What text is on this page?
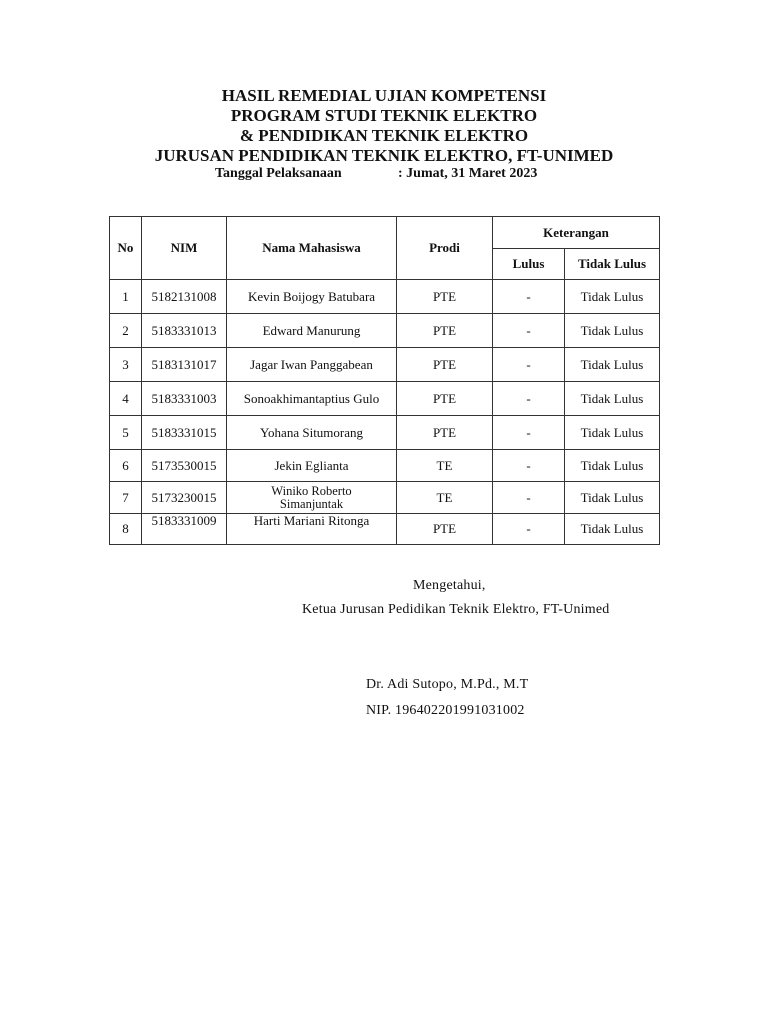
HASIL REMEDIAL UJIAN KOMPETENSI

PROGRAM STUDI TEKNIK ELEKTRO

& PENDIDIKAN TEKNIK ELEKTRO

JURUSAN PENDIDIKAN TEKNIK ELEKTRO, FT-UNIMED

Tanggal Pelaksanaan	: Jumat, 31 Maret 2023
No	NIM	Nama Mahasiswa	Prodi	Keterangan	
				Lulus	Tidak Lulus
1	5182131008	Kevin Boijogy Batubara	PTE	-	Tidak Lulus
2	5183331013	Edward Manurung	PTE	-	Tidak Lulus
3	5183131017	Jagar Iwan Panggabean	PTE	-	Tidak Lulus
4	5183331003	Sonoakhimantaptius Gulo	PTE	-	Tidak Lulus
5	5183331015	Yohana Situmorang	PTE	-	Tidak Lulus
6	5173530015	Jekin Eglianta	TE	-	Tidak Lulus
7	5173230015	Winiko Roberto
Simanjuntak	TE	-	Tidak Lulus
8	5183331009	Harti Mariani Ritonga	PTE	-	Tidak Lulus
Mengetahui,
Ketua Jurusan Pedidikan Teknik Elektro, FT-Unimed
Dr. Adi Sutopo, M.Pd., M.T
NIP. 196402201991031002
